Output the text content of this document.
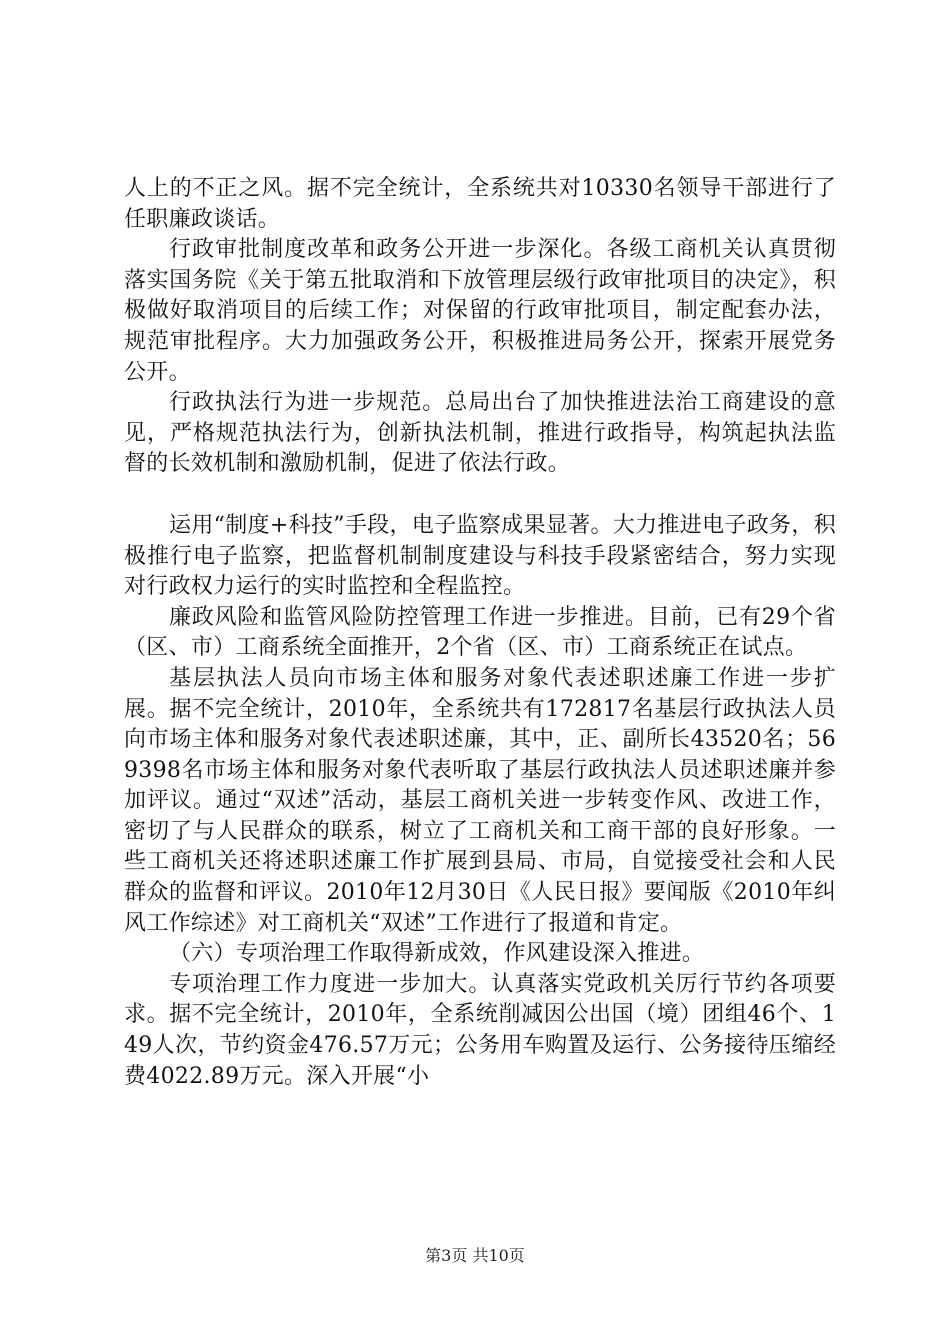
人上的不正之风。据不完全统计，全系统共对10330名领导干部进行了任职廉政谈话。

行政审批制度改革和政务公开进一步深化。各级工商机关认真贯彻落实国务院《关于第五批取消和下放管理层级行政审批项目的决定》，积极做好取消项目的后续工作；对保留的行政审批项目，制定配套办法，规范审批程序。大力加强政务公开，积极推进局务公开，探索开展党务公开。

行政执法行为进一步规范。总局出台了加快推进法治工商建设的意见，严格规范执法行为，创新执法机制，推进行政指导，构筑起执法监督的长效机制和激励机制，促进了依法行政。

运用“制度+科技”手段，电子监察成果显著。大力推进电子政务，积极推行电子监察，把监督机制制度建设与科技手段紧密结合，努力实现对行政权力运行的实时监控和全程监控。

廉政风险和监管风险防控管理工作进一步推进。目前，已有29个省（区、市）工商系统全面推开，2个省（区、市）工商系统正在试点。

基层执法人员向市场主体和服务对象代表述职述廉工作进一步扩展。据不完全统计，2010年，全系统共有172817名基层行政执法人员向市场主体和服务对象代表述职述廉，其中，正、副所长43520名；569398名市场主体和服务对象代表听取了基层行政执法人员述职述廉并参加评议。通过“双述”活动，基层工商机关进一步转变作风、改进工作，密切了与人民群众的联系，树立了工商机关和工商干部的良好形象。一些工商机关还将述职述廉工作扩展到县局、市局，自觉接受社会和人民群众的监督和评议。2010年12月30日《人民日报》要闻版《2010年纠风工作综述》对工商机关“双述”工作进行了报道和肯定。

（六）专项治理工作取得新成效，作风建设深入推进。

专项治理工作力度进一步加大。认真落实党政机关厉行节约各项要求。据不完全统计，2010年，全系统削减因公出国（境）团组46个、149人次，节约资金476.57万元；公务用车购置及运行、公务接待压缩经费4022.89万元。深入开展“小

第3页 共10页
